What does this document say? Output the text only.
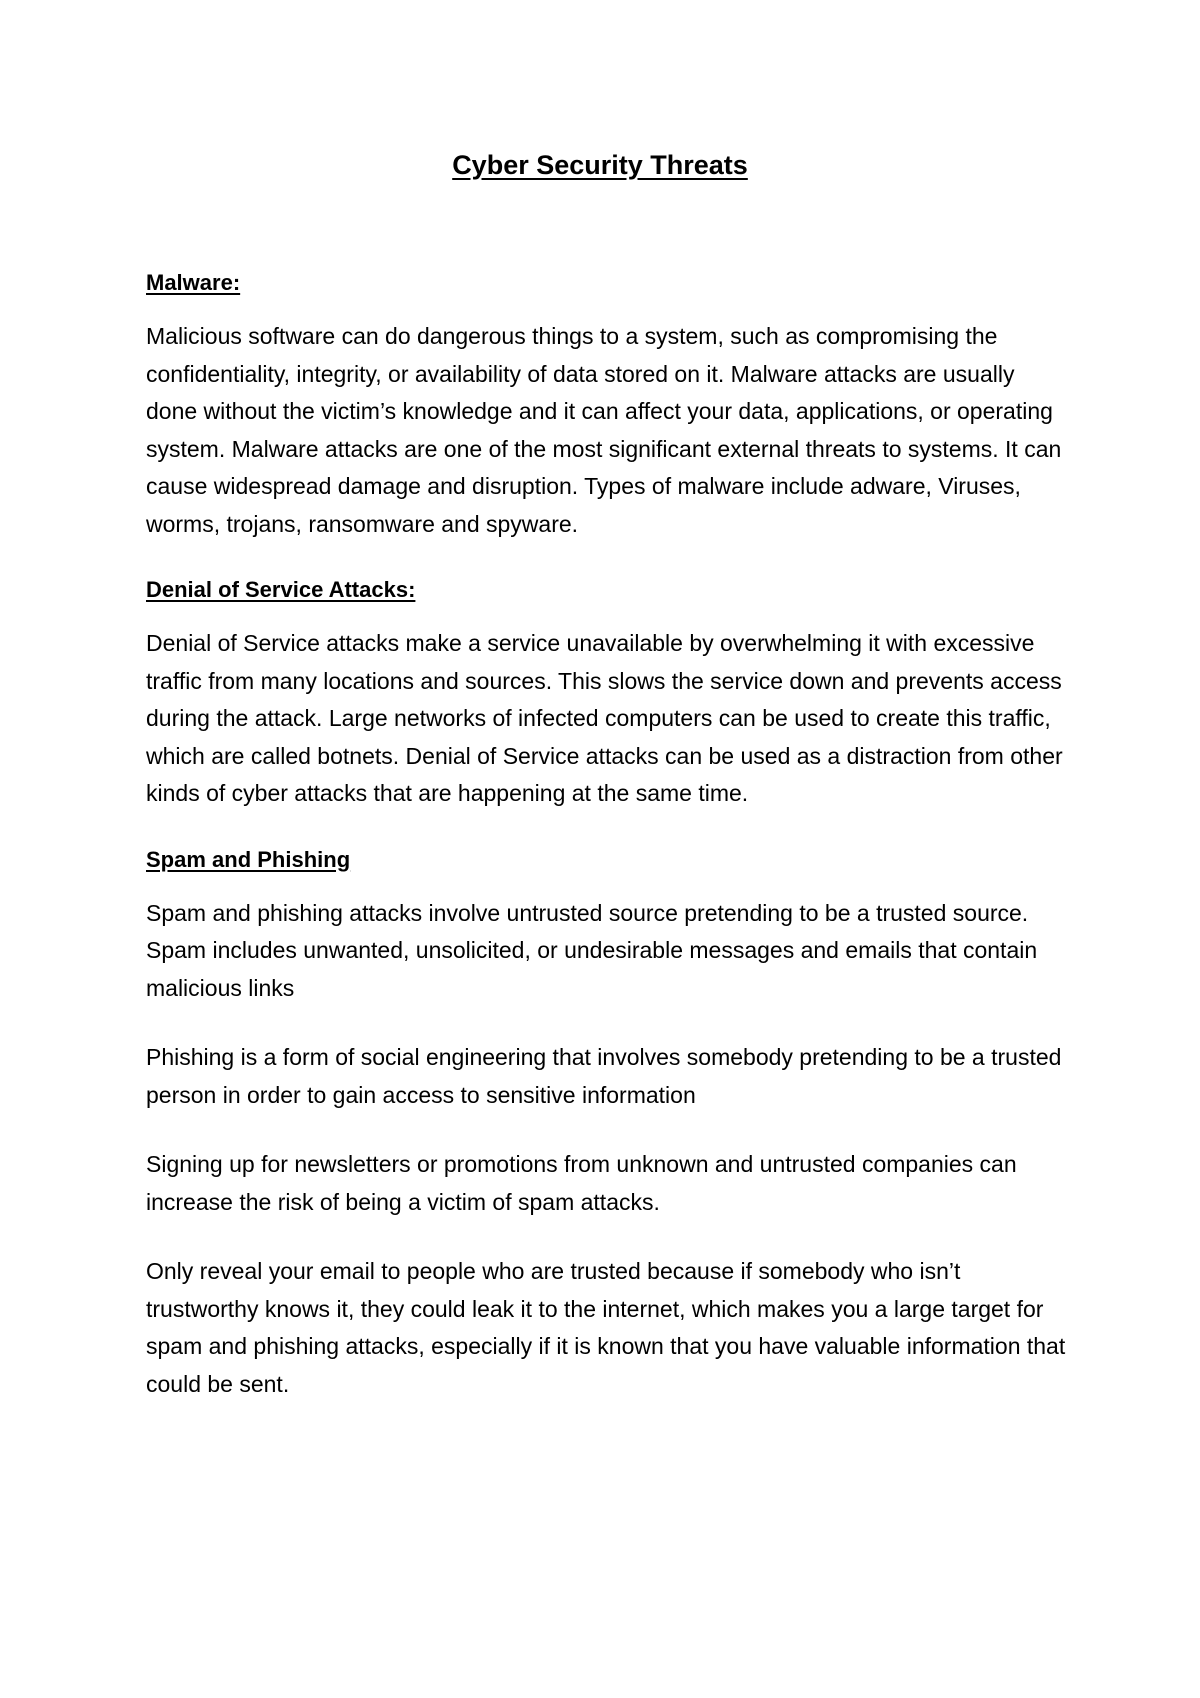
Cyber Security Threats
Malware:

Malicious software can do dangerous things to a system, such as compromising the confidentiality, integrity, or availability of data stored on it. Malware attacks are usually done without the victim’s knowledge and it can affect your data, applications, or operating system. Malware attacks are one of the most significant external threats to systems. It can cause widespread damage and disruption. Types of malware include adware, Viruses, worms, trojans, ransomware and spyware.

Denial of Service Attacks:

Denial of Service attacks make a service unavailable by overwhelming it with excessive traffic from many locations and sources. This slows the service down and prevents access during the attack. Large networks of infected computers can be used to create this traffic, which are called botnets. Denial of Service attacks can be used as a distraction from other kinds of cyber attacks that are happening at the same time.

Spam and Phishing

Spam and phishing attacks involve untrusted source pretending to be a trusted source. Spam includes unwanted, unsolicited, or undesirable messages and emails that contain malicious links

Phishing is a form of social engineering that involves somebody pretending to be a trusted person in order to gain access to sensitive information

Signing up for newsletters or promotions from unknown and untrusted companies can increase the risk of being a victim of spam attacks.

Only reveal your email to people who are trusted because if somebody who isn’t trustworthy knows it, they could leak it to the internet, which makes you a large target for spam and phishing attacks, especially if it is known that you have valuable information that could be sent.
